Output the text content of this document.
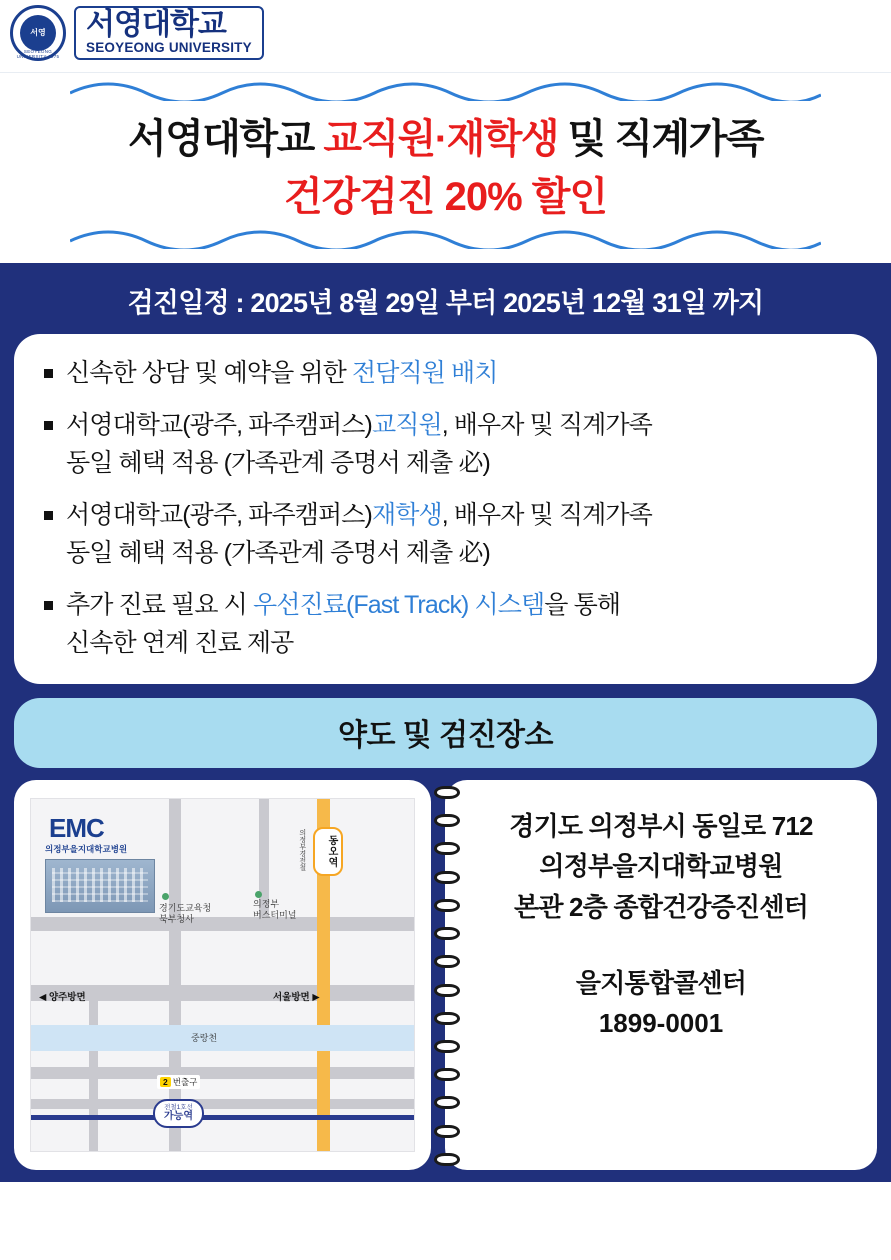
서영
SEOYEONG UNIVERSITY 1975
서영대학교
SEOYEONG UNIVERSITY
서영대학교 교직원·재학생 및 직계가족
건강검진 20% 할인
검진일정 : 2025년 8월 29일 부터 2025년 12월 31일 까지
신속한 상담 및 예약을 위한 전담직원 배치
서영대학교(광주, 파주캠퍼스)교직원, 배우자 및 직계가족
동일 혜택 적용 (가족관계 증명서 제출 必)
서영대학교(광주, 파주캠퍼스)재학생, 배우자 및 직계가족
동일 혜택 적용 (가족관계 증명서 제출 必)
추가 진료 필요 시 우선진료(Fast Track) 시스템을 통해
신속한 연계 진료 제공
약도 및 검진장소
중랑천
EMC
의정부을지대학교병원
경기도교육청
북부청사
의정부
버스터미널
동오역
의정부경전철
전철1호선
가능역
2 번출구
◀ 양주방면	서울방면 ▶
경기도 의정부시 동일로 712
의정부을지대학교병원
본관 2층 종합건강증진센터
을지통합콜센터
1899-0001
